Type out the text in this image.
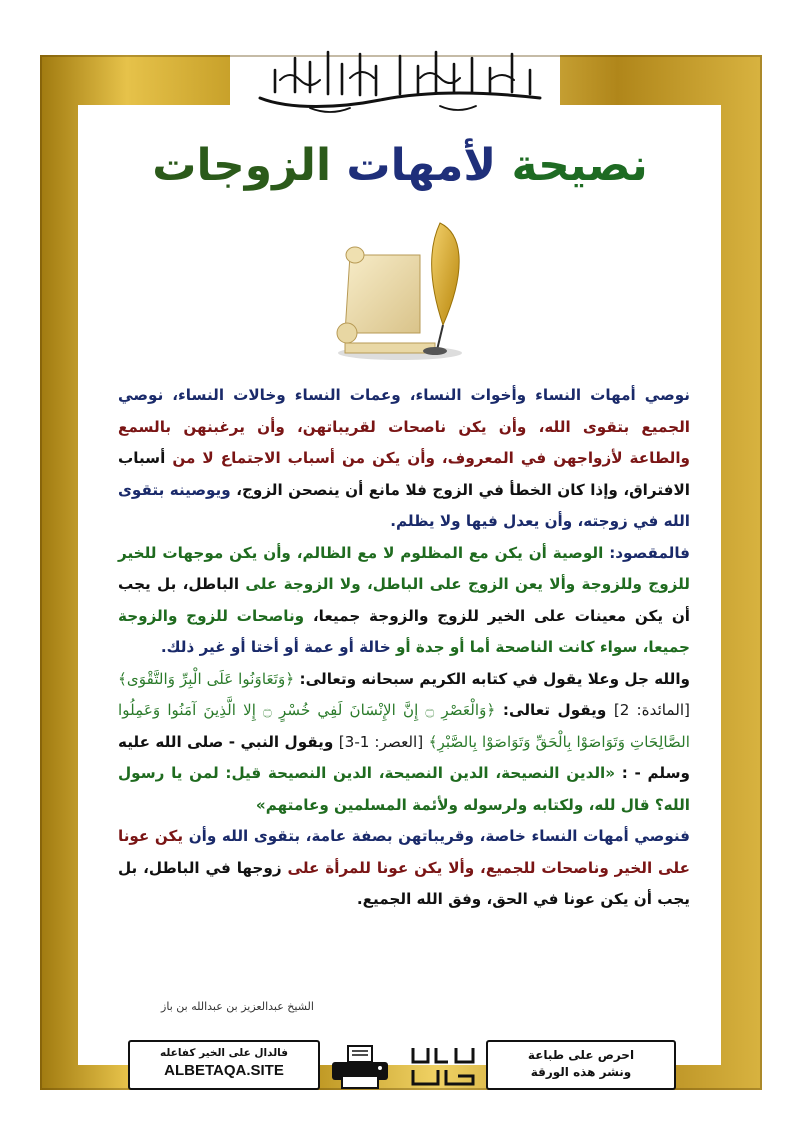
نصيحة لأمهات الزوجات

نوصي أمهات النساء وأخوات النساء، وعمات النساء وخالات النساء، نوصي الجميع بتقوى الله، وأن يكن ناصحات لقريباتهن، وأن يرغبنهن بالسمع والطاعة لأزواجهن في المعروف، وأن يكن من أسباب الاجتماع لا من أسباب الافتراق، وإذا كان الخطأ في الزوج فلا مانع أن ينصحن الزوج، ويوصينه بتقوى الله في زوجته، وأن يعدل فيها ولا يظلم.

فالمقصود: الوصية أن يكن مع المظلوم لا مع الظالم، وأن يكن موجهات للخير للزوج وللزوجة وألا يعن الزوج على الباطل، ولا الزوجة على الباطل، بل يجب أن يكن معينات على الخير للزوج والزوجة جميعا، وناصحات للزوج والزوجة جميعا، سواء كانت الناصحة أما أو جدة أو خالة أو عمة أو أختا أو غير ذلك.

والله جل وعلا يقول في كتابه الكريم سبحانه وتعالى: ﴿وَتَعَاوَنُوا عَلَى الْبِرِّ وَالتَّقْوَى﴾ [المائدة: 2] ويقول تعالى: ﴿وَالْعَصْرِ ۝ إِنَّ الإِنْسَانَ لَفِي خُسْرٍ ۝ إِلا الَّذِينَ آمَنُوا وَعَمِلُوا الصَّالِحَاتِ وَتَوَاصَوْا بِالْحَقِّ وَتَوَاصَوْا بِالصَّبْرِ﴾ [العصر: 1-3] ويقول النبي - صلى الله عليه وسلم - : «الدين النصيحة، الدين النصيحة، الدين النصيحة قيل: لمن يا رسول الله؟ قال لله، ولكتابه ولرسوله ولأئمة المسلمين وعامتهم»

فنوصي أمهات النساء خاصة، وقريباتهن بصفة عامة، بتقوى الله وأن يكن عونا على الخير وناصحات للجميع، وألا يكن عونا للمرأة على زوجها في الباطل، بل يجب أن يكن عونا في الحق، وفق الله الجميع.

الشيخ عبدالعزيز بن عبدالله بن باز
فالدال على الخير كفاعله
ALBETAQA.SITE
احرص على طباعة
ونشر هذه الورقة
